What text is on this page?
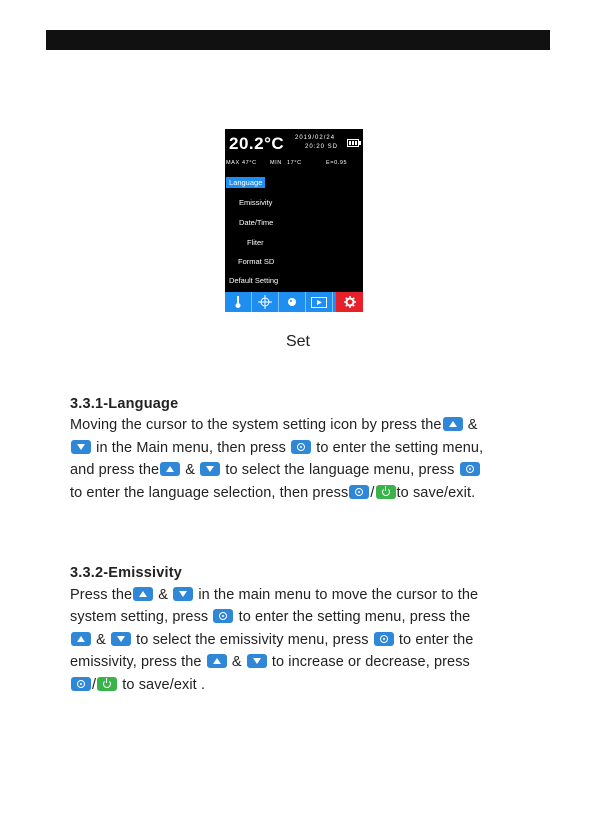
20.2°C 2019/02/24
20:20 SD
MAX 47°C MIN 17°C	E=0.95
Language
Emissivity
Date/Time
Fliter
Format SD
Default Setting
Set
3.3.1-Language

Moving the cursor to the system setting icon by press the
&

in the Main menu, then press
to enter the setting menu,

and press the
&
to select the language menu, press

to enter the language selection, then press / to save/exit.

3.3.2-Emissivity

Press the
&
in the main menu to move the cursor to the

system setting, press
to enter the setting menu, press the

&
to select the emissivity menu, press
to enter the

emissivity, press the
&
to increase or decrease, press

/
to save/exit .
